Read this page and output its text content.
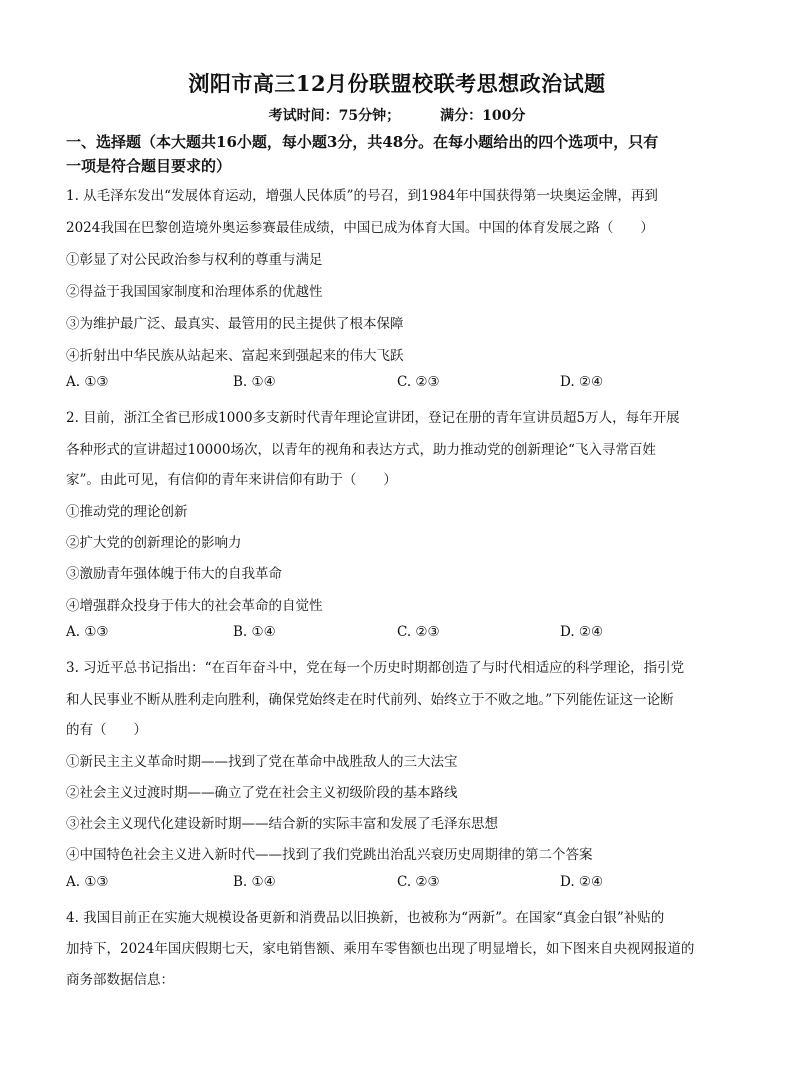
浏阳市高三12月份联盟校联考思想政治试题
考试时间：75分钟；	满分：100分
一、选择题（本大题共16小题，每小题3分，共48分。在每小题给出的四个选项中，只有
一项是符合题目要求的）
1. 从毛泽东发出“发展体育运动，增强人民体质”的号召，到1984年中国获得第一块奥运金牌，再到
2024我国在巴黎创造境外奥运参赛最佳成绩，中国已成为体育大国。中国的体育发展之路（　　）
①彰显了对公民政治参与权利的尊重与满足
②得益于我国国家制度和治理体系的优越性
③为维护最广泛、最真实、最管用的民主提供了根本保障
④折射出中华民族从站起来、富起来到强起来的伟大飞跃
A. ①③	B. ①④	C. ②③	D. ②④
2. 目前，浙江全省已形成1000多支新时代青年理论宣讲团，登记在册的青年宣讲员超5万人，每年开展
各种形式的宣讲超过10000场次，以青年的视角和表达方式，助力推动党的创新理论“飞入寻常百姓
家”。由此可见，有信仰的青年来讲信仰有助于（　　）
①推动党的理论创新
②扩大党的创新理论的影响力
③激励青年强体魄于伟大的自我革命
④增强群众投身于伟大的社会革命的自觉性
A. ①③	B. ①④	C. ②③	D. ②④
3. 习近平总书记指出：“在百年奋斗中，党在每一个历史时期都创造了与时代相适应的科学理论，指引党
和人民事业不断从胜利走向胜利，确保党始终走在时代前列、始终立于不败之地。”下列能佐证这一论断
的有（　　）
①新民主主义革命时期——找到了党在革命中战胜敌人的三大法宝
②社会主义过渡时期——确立了党在社会主义初级阶段的基本路线
③社会主义现代化建设新时期——结合新的实际丰富和发展了毛泽东思想
④中国特色社会主义进入新时代——找到了我们党跳出治乱兴衰历史周期律的第二个答案
A. ①③	B. ①④	C. ②③	D. ②④
4. 我国目前正在实施大规模设备更新和消费品以旧换新，也被称为“两新”。在国家“真金白银”补贴的
加持下，2024年国庆假期七天，家电销售额、乘用车零售额也出现了明显增长，如下图来自央视网报道的
商务部数据信息：
